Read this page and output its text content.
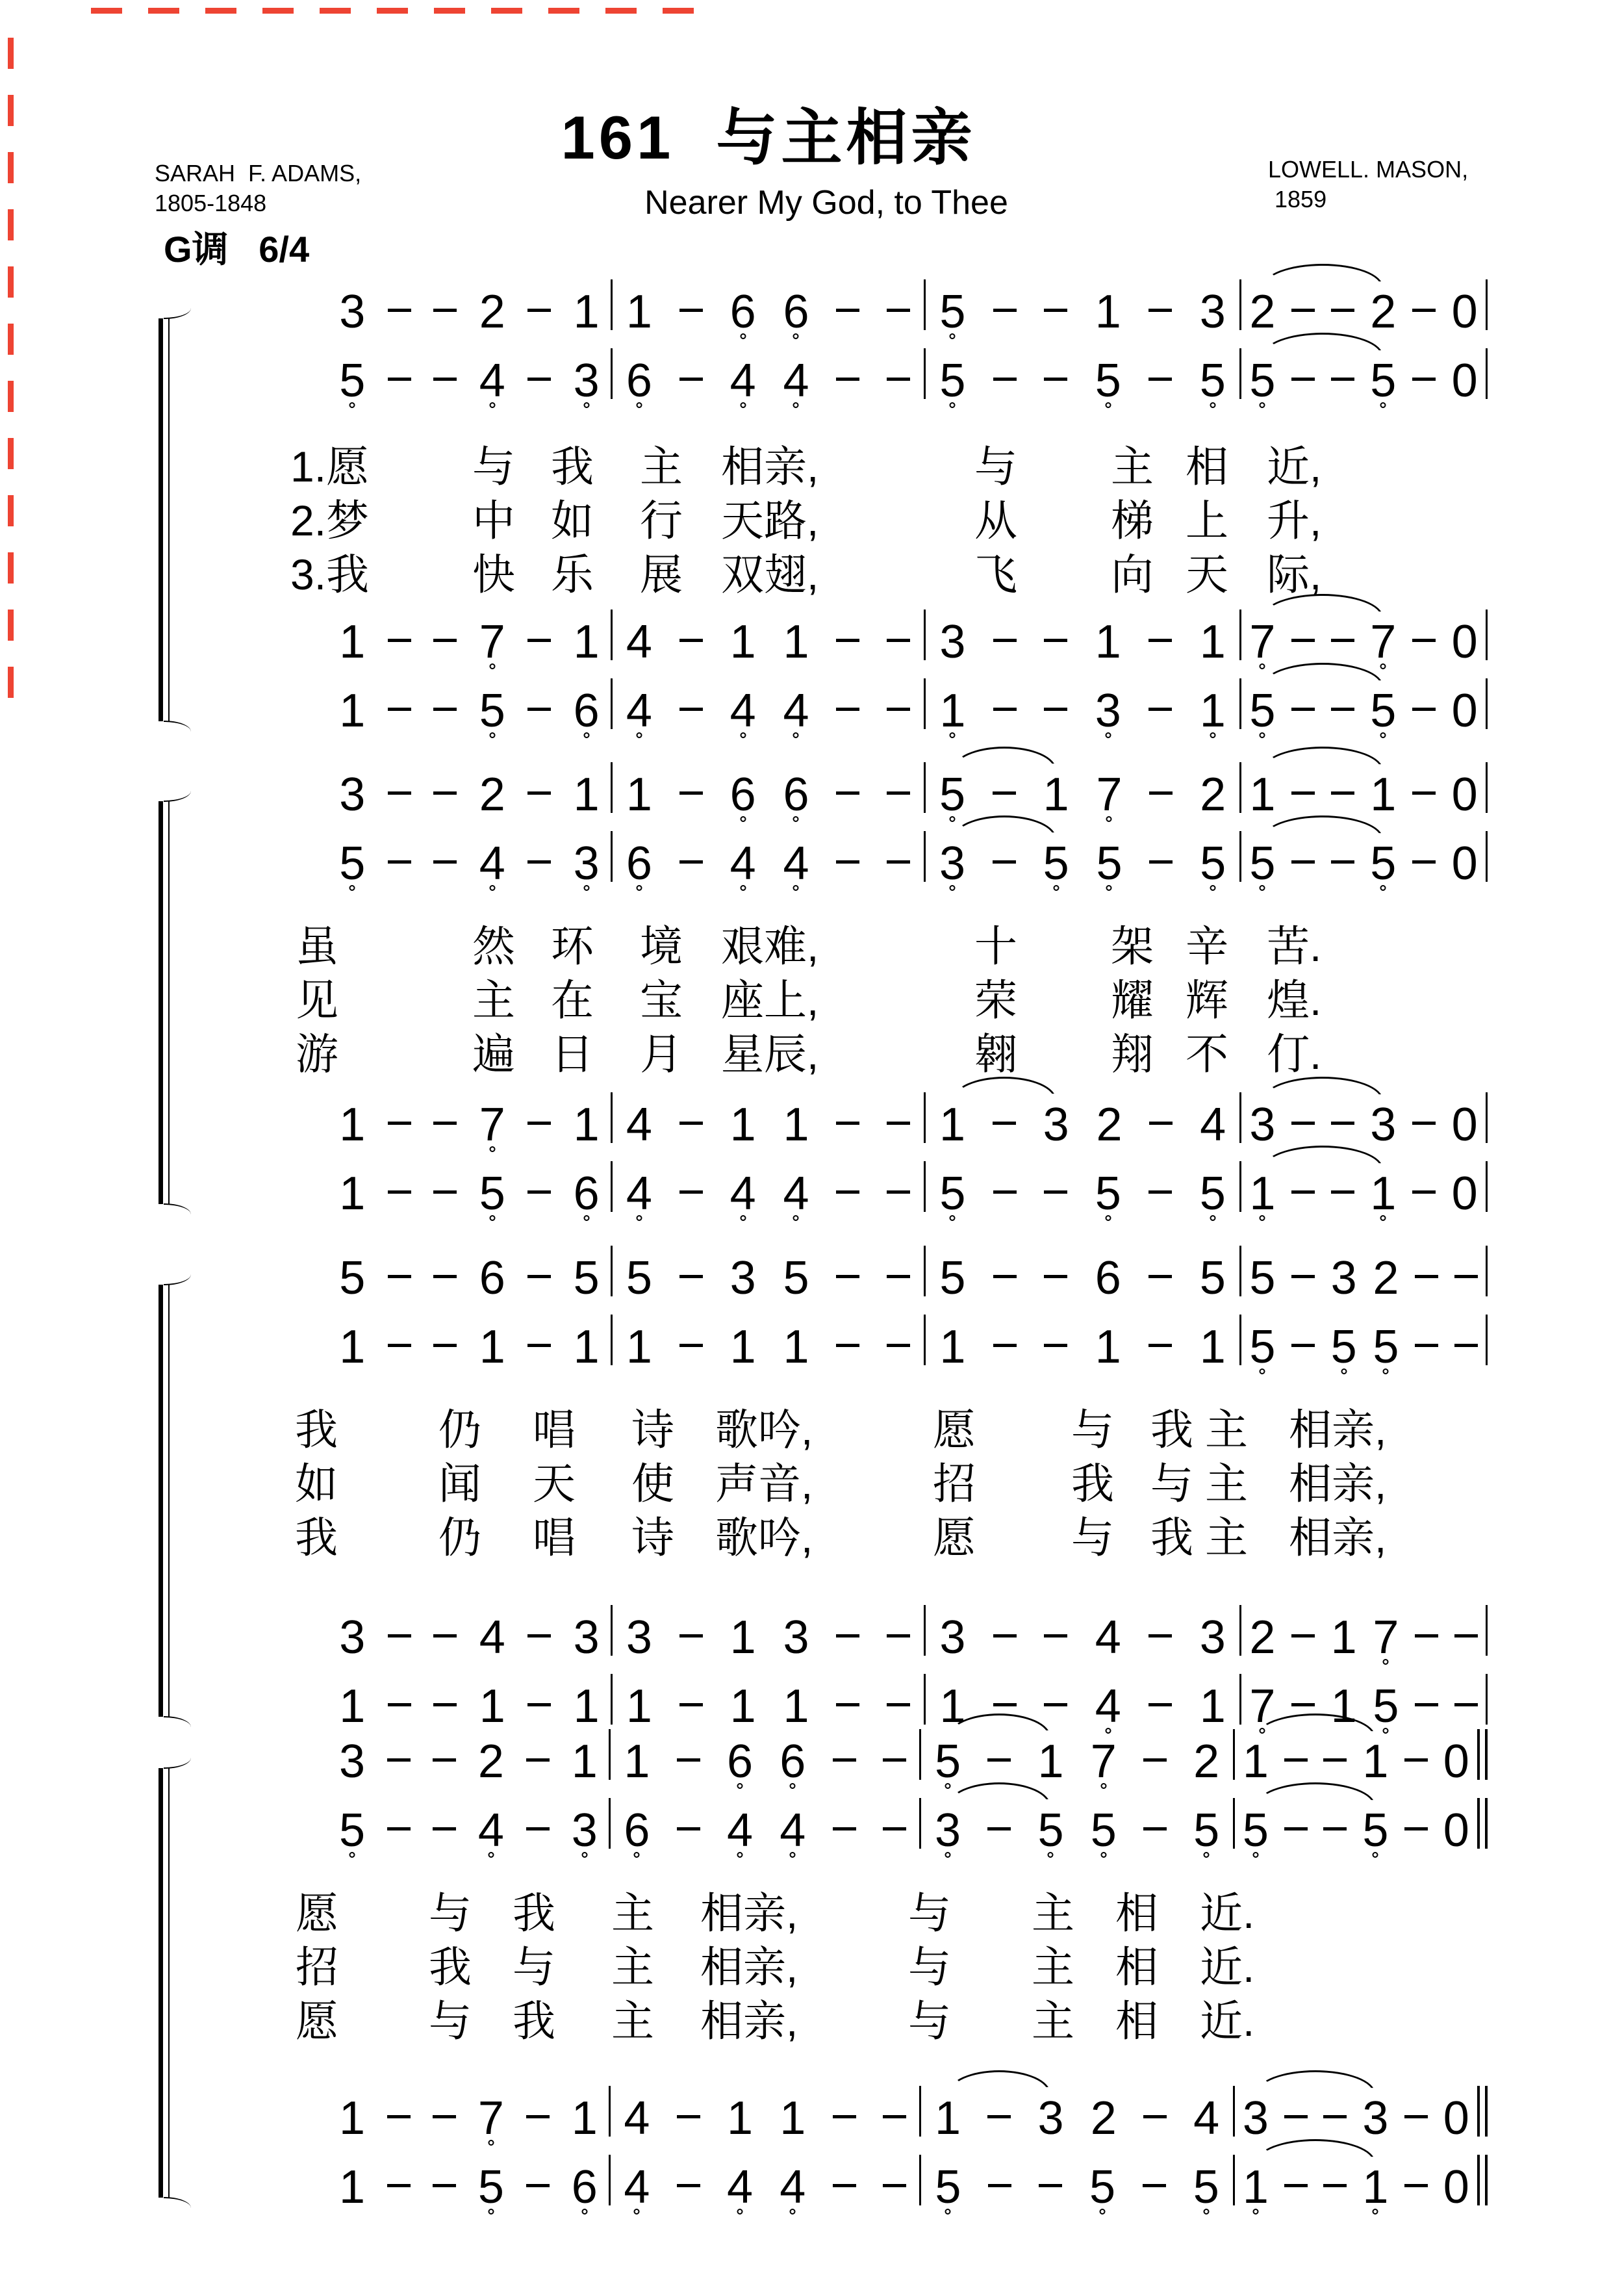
161  与主相亲
SARAH  F. ADAMS,
1805-1848	Nearer My God, to Thee
LOWELL. MASON,
1859
G调   6/4
3 2 1 1 6 6	5	1 3 2 2 0
5 4 3 6 4 4	5	5 5 5 5 0
1 7 1 4 1 1	3	1 1 7 7 0
1 5 6 4 4 4	1	3 1 5 5 0
1.愿 与 我 主 相亲,	与 主 相 近,
2.梦 中 如 行 天路,	从 梯 上 升,
3.我 快 乐 展 双翅,	飞 向 天 际,
3 2 1 1 6 6	5 1 7 2 1 1 0
5 4 3 6 4 4	3 5 5 5 5 5 0
1 7 1 4 1 1	1 3 2 4 3 3 0
1 5 6 4 4 4	5	5 5 1 1 0
虽	然 环 境 艰难,	十 架 辛 苦.
见	主 在 宝 座上,	荣 耀 辉 煌.
游	遍 日 月 星辰,	翱 翔 不 仃.
5 6 5 5 3 5	5	6 5 5 3 2
1 1 1 1 1 1	1	1 1 5 5 5
3 4 3 3 1 3	3	4 3 2 1 7
1 1 1 1 1 1	1	4 1 7 1 5
我 仍 唱 诗 歌吟,	愿 与 我 主 相亲,
如 闻 天 使 声音,	招 我 与 主 相亲,
我 仍 唱 诗 歌吟,	愿 与 我 主 相亲,
3 2 1 1 6 6	5 1 7 2 1 1 0
5 4 3 6 4 4	3 5 5 5 5 5 0
1 7 1 4 1 1	1 3 2 4 3 3 0
1 5 6 4 4 4	5	5 5 1 1 0
愿 与 我 主 相亲,	与 主 相 近.
招 我 与 主 相亲,	与 主 相 近.
愿 与 我 主 相亲,	与 主 相 近.
